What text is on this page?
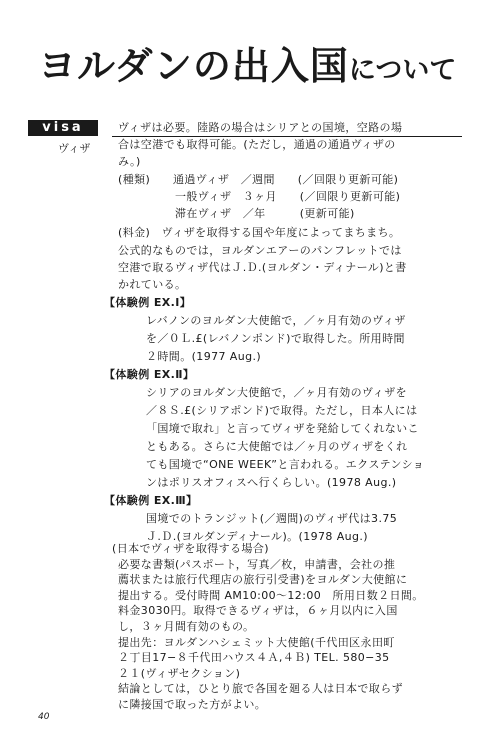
ヨルダンの出入国について
visa
ヴィザ
ヴィザは必要。陸路の場合はシリアとの国境，空路の場
合は空港でも取得可能。(ただし，通過の通過ヴィザの
み。)
(種類)　　通過ヴィザ　／週間　　(／回限り更新可能)
　　　　　一般ヴィザ　３ヶ月　　(／回限り更新可能)
　　　　　滞在ヴィザ　／年　　　(更新可能)
(料金)　ヴィザを取得する国や年度によってまちまち。
公式的なものでは，ヨルダンエアーのパンフレットでは
空港で取るヴィザ代はＪ.Ｄ.(ヨルダン・ディナール)と書
かれている。
【体験例 EX.Ⅰ】
レバノンのヨルダン大使館で，／ヶ月有効のヴィザ
を／０Ｌ.£(レバノンポンド)で取得した。所用時間
２時間。(1977 Aug.)
【体験例 EX.Ⅱ】
シリアのヨルダン大使館で，／ヶ月有効のヴィザを
／８Ｓ.£(シリアポンド)で取得。ただし，日本人には
「国境で取れ」と言ってヴィザを発給してくれないこ
ともある。さらに大使館では／ヶ月のヴィザをくれ
ても国境で“ONE WEEK”と言われる。エクステンショ
ンはポリスオフィスへ行くらしい。(1978 Aug.)
【体験例 EX.Ⅲ】
国境でのトランジット(／週間)のヴィザ代は3.75
Ｊ.Ｄ.(ヨルダンディナール)。(1978 Aug.)
(日本でヴィザを取得する場合)
必要な書類(パスポート，写真／枚，申請書，会社の推
薦状または旅行代理店の旅行引受書)をヨルダン大使館に
提出する。受付時間 AM10:00〜12:00　所用日数２日間。
料金3030円。取得できるヴィザは，６ヶ月以内に入国
し，３ヶ月間有効のもの。
提出先：ヨルダンハシェミット大使館(千代田区永田町
２丁目17−８千代田ハウス４Ａ,４Ｂ) TEL. 580−35
２１(ヴィザセクション)
結論としては，ひとり旅で各国を廻る人は日本で取らず
に隣接国で取った方がよい。
40
